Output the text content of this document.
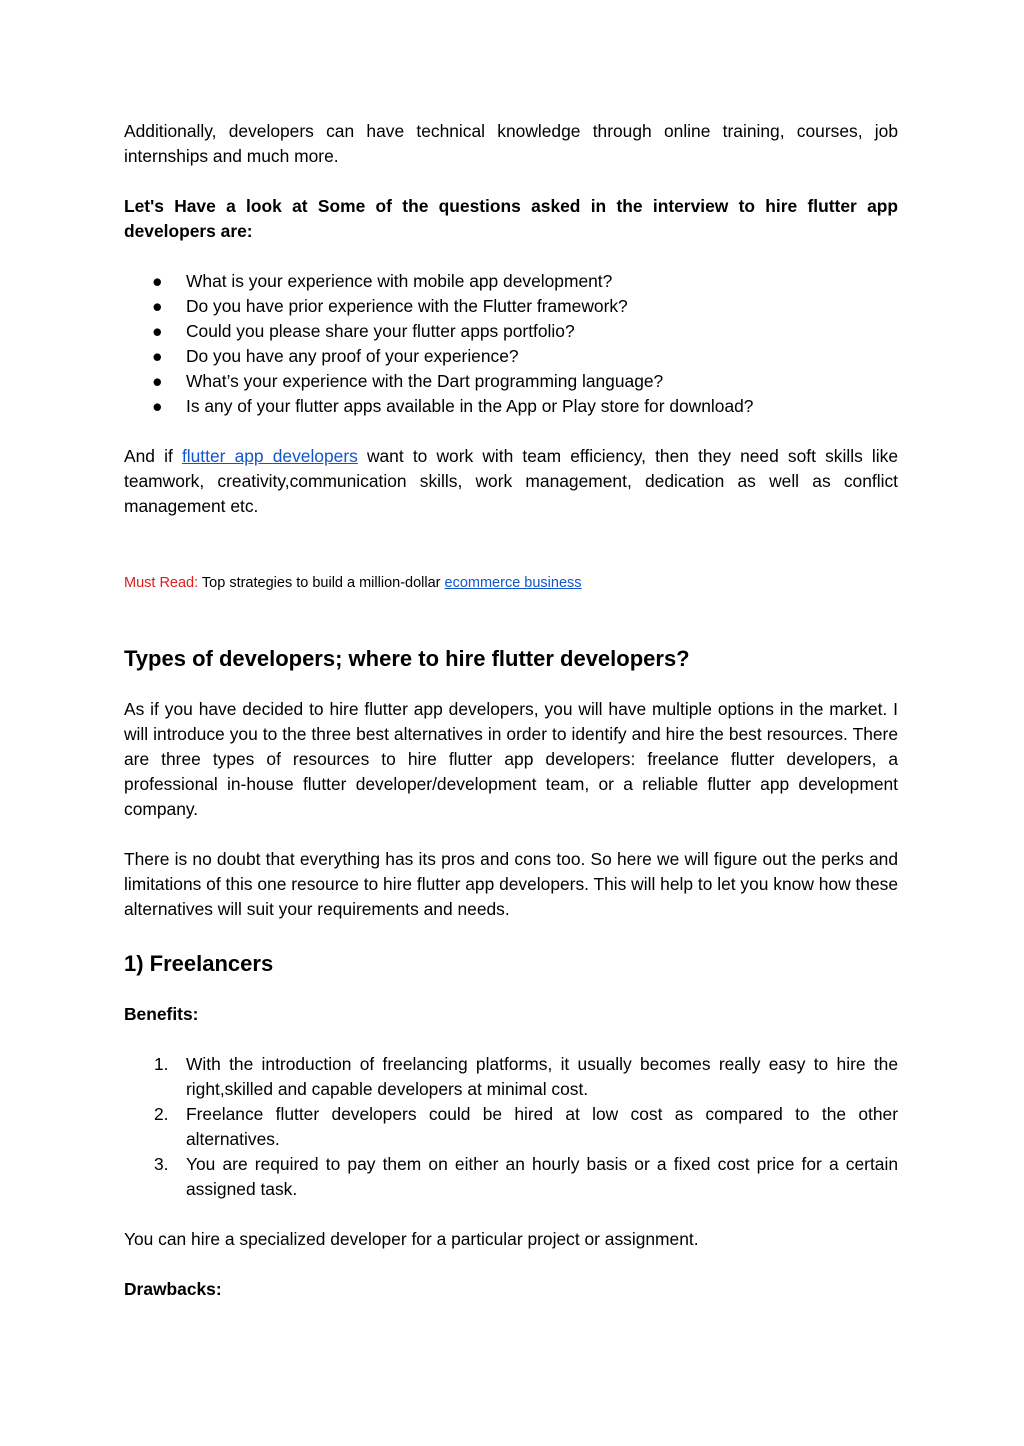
Additionally, developers can have technical knowledge through online training, courses, job internships and much more.

Let's Have a look at Some of the questions asked in the interview to hire flutter app developers are:

●	What is your experience with mobile app development?
●	Do you have prior experience with the Flutter framework?
●	Could you please share your flutter apps portfolio?
●	Do you have any proof of your experience?
●	What’s your experience with the Dart programming language?
●	Is any of your flutter apps available in the App or Play store for download?

And if flutter app developers want to work with team efficiency, then they need soft skills like teamwork, creativity,communication skills, work management, dedication as well as conflict management etc.

Must Read: Top strategies to build a million-dollar ecommerce business

Types of developers; where to hire flutter developers?

As if you have decided to hire flutter app developers, you will have multiple options in the market. I will introduce you to the three best alternatives in order to identify and hire the best resources. There are three types of resources to hire flutter app developers: freelance flutter developers, a professional in-house flutter developer/development team, or a reliable flutter app development company.

There is no doubt that everything has its pros and cons too. So here we will figure out the perks and limitations of this one resource to hire flutter app developers. This will help to let you know how these alternatives will suit your requirements and needs.

1) Freelancers

Benefits:

1.	With the introduction of freelancing platforms, it usually becomes really easy to hire the right,skilled and capable developers at minimal cost.
2.	Freelance flutter developers could be hired at low cost as compared to the other alternatives.
3.	You are required to pay them on either an hourly basis or a fixed cost price for a certain assigned task.

You can hire a specialized developer for a particular project or assignment.

Drawbacks:
